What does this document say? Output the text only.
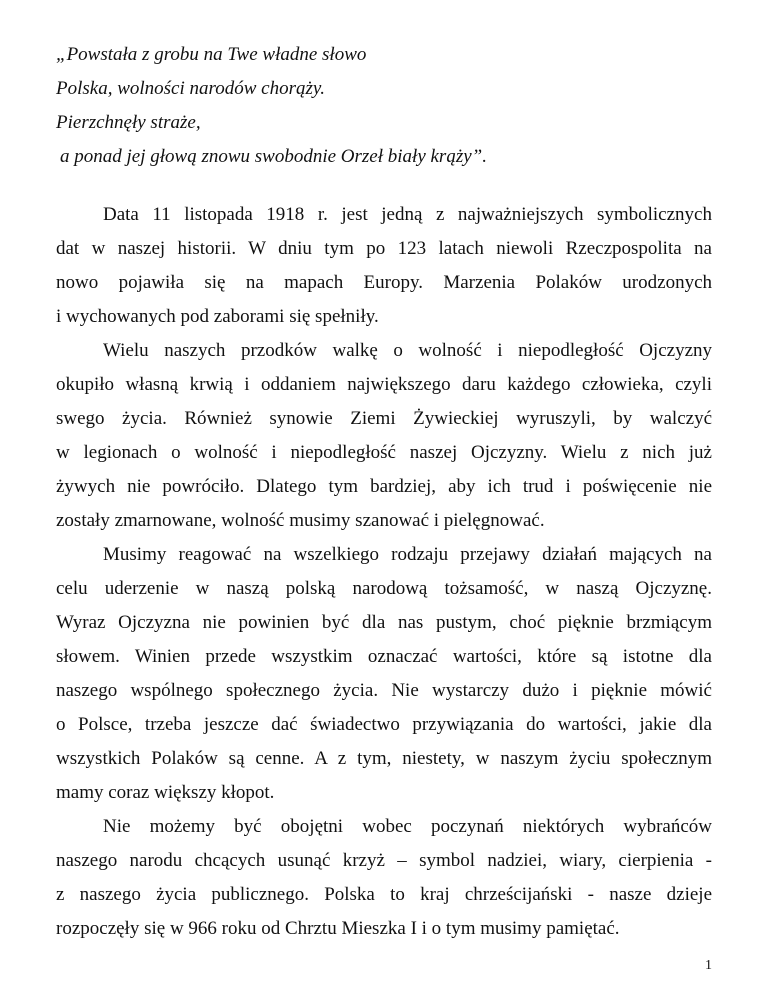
„Powstała z grobu na Twe władne słowo
Polska, wolności narodów chorąży.
Pierzchnęły straże,
a ponad jej głową znowu swobodnie Orzeł biały krąży”.
Data 11 listopada 1918 r. jest jedną z najważniejszych symbolicznych
dat w naszej historii. W dniu tym po 123 latach niewoli Rzeczpospolita na
nowo pojawiła się na mapach Europy. Marzenia Polaków urodzonych
i wychowanych pod zaborami się spełniły.
Wielu naszych przodków walkę o wolność i niepodległość Ojczyzny
okupiło własną krwią i oddaniem największego daru każdego człowieka, czyli
swego życia. Również synowie Ziemi Żywieckiej wyruszyli, by walczyć
w legionach o wolność i niepodległość naszej Ojczyzny. Wielu z nich już
żywych nie powróciło. Dlatego tym bardziej, aby ich trud i poświęcenie nie
zostały zmarnowane, wolność musimy szanować i pielęgnować.
Musimy reagować na wszelkiego rodzaju przejawy działań mających na
celu uderzenie w naszą polską narodową tożsamość, w naszą Ojczyznę.
Wyraz Ojczyzna nie powinien być dla nas pustym, choć pięknie brzmiącym
słowem. Winien przede wszystkim oznaczać wartości, które są istotne dla
naszego wspólnego społecznego życia. Nie wystarczy dużo i pięknie mówić
o Polsce, trzeba jeszcze dać świadectwo przywiązania do wartości, jakie dla
wszystkich Polaków są cenne. A z tym, niestety, w naszym życiu społecznym
mamy coraz większy kłopot.
Nie możemy być obojętni wobec poczynań niektórych wybrańców
naszego narodu chcących usunąć krzyż – symbol nadziei, wiary, cierpienia -
z naszego życia publicznego. Polska to kraj chrześcijański - nasze dzieje
rozpoczęły się w 966 roku od Chrztu Mieszka I i o tym musimy pamiętać.
1
